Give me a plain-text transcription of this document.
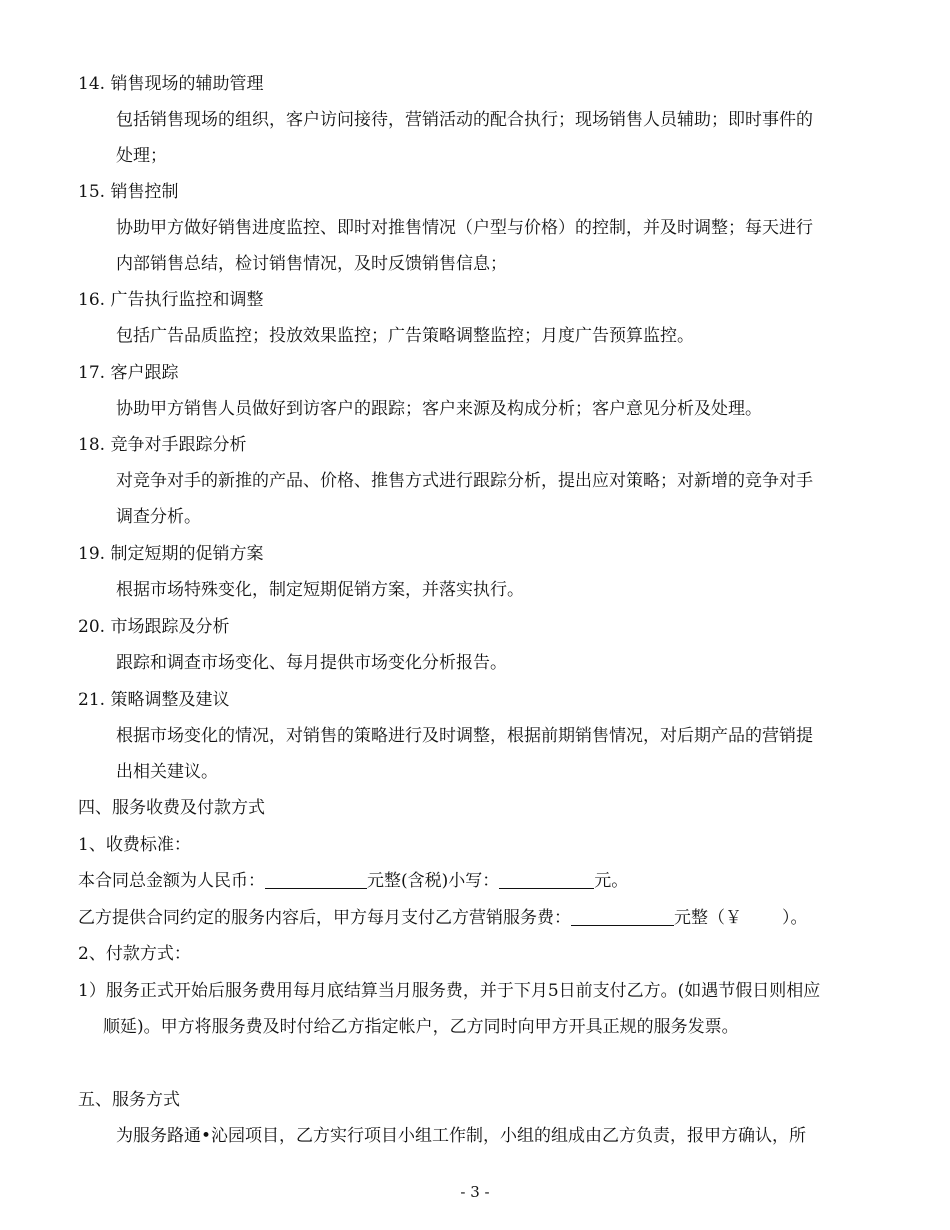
14. 销售现场的辅助管理
包括销售现场的组织，客户访问接待，营销活动的配合执行；现场销售人员辅助；即时事件的
处理；
15. 销售控制
协助甲方做好销售进度监控、即时对推售情况（户型与价格）的控制，并及时调整；每天进行
内部销售总结，检讨销售情况，及时反馈销售信息；
16. 广告执行监控和调整
包括广告品质监控；投放效果监控；广告策略调整监控；月度广告预算监控。
17. 客户跟踪
协助甲方销售人员做好到访客户的跟踪；客户来源及构成分析；客户意见分析及处理。
18. 竞争对手跟踪分析
对竞争对手的新推的产品、价格、推售方式进行跟踪分析，提出应对策略；对新增的竞争对手
调查分析。
19. 制定短期的促销方案
根据市场特殊变化，制定短期促销方案，并落实执行。
20. 市场跟踪及分析
跟踪和调查市场变化、每月提供市场变化分析报告。
21. 策略调整及建议
根据市场变化的情况，对销售的策略进行及时调整，根据前期销售情况，对后期产品的营销提
出相关建议。
四、服务收费及付款方式
1、收费标准：
本合同总金额为人民币：	元整(含税)小写：	元。
乙方提供合同约定的服务内容后，甲方每月支付乙方营销服务费：	元整（￥ ）。
2、付款方式：
1）服务正式开始后服务费用每月底结算当月服务费，并于下月5日前支付乙方。(如遇节假日则相应
顺延)。甲方将服务费及时付给乙方指定帐户，乙方同时向甲方开具正规的服务发票。
五、服务方式
为服务路通•沁园项目，乙方实行项目小组工作制，小组的组成由乙方负责，报甲方确认，所
- 3 -
